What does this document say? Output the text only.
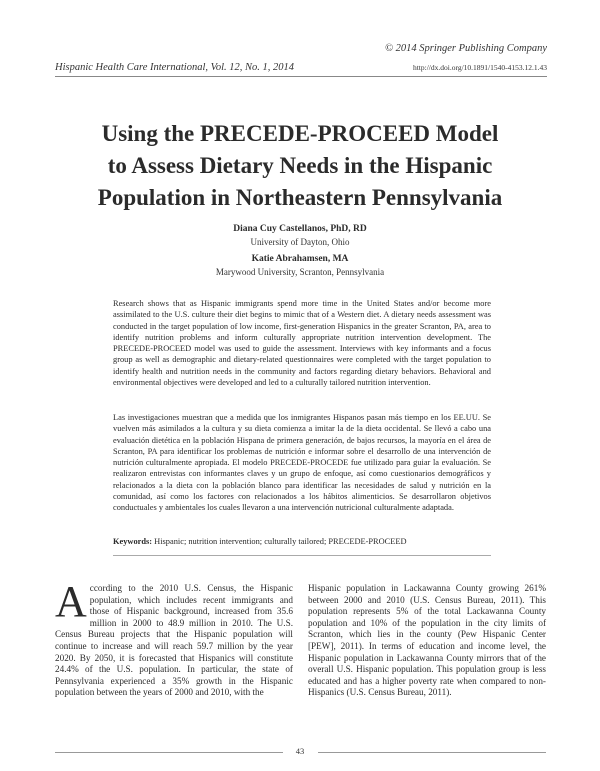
© 2014 Springer Publishing Company
Hispanic Health Care International, Vol. 12, No. 1, 2014	http://dx.doi.org/10.1891/1540-4153.12.1.43
Using the PRECEDE-PROCEED Model
to Assess Dietary Needs in the Hispanic
Population in Northeastern Pennsylvania
Diana Cuy Castellanos, PhD, RD
University of Dayton, Ohio
Katie Abrahamsen, MA
Marywood University, Scranton, Pennsylvania

Research shows that as Hispanic immigrants spend more time in the United States and/or become more assimilated to the U.S. culture their diet begins to mimic that of a Western diet. A dietary needs assessment was conducted in the target population of low income, first-generation Hispanics in the greater Scranton, PA, area to identify nutrition problems and inform culturally appropriate nutrition intervention development. The PRECEDE-PROCEED model was used to guide the assessment. Interviews with key informants and a focus group as well as demographic and dietary-related questionnaires were completed with the target population to identify health and nutrition needs in the community and factors regarding dietary behaviors. Behavioral and environmental objectives were developed and led to a culturally tailored nutrition intervention.

Las investigaciones muestran que a medida que los inmigrantes Hispanos pasan más tiempo en los EE.UU. Se vuelven más asimilados a la cultura y su dieta comienza a imitar la de la dieta occidental. Se llevó a cabo una evaluación dietética en la población Hispana de primera generación, de bajos recursos, la mayoría en el área de Scranton, PA para identificar los problemas de nutrición e informar sobre el desarrollo de una intervención de nutrición culturalmente apropiada. El modelo PRECEDE-PROCEDE fue utilizado para guiar la evaluación. Se realizaron entrevistas con informantes claves y un grupo de enfoque, así como cuestionarios demográficos y relacionados a la dieta con la población blanco para identificar las necesidades de salud y nutrición en la comunidad, así como los factores con relacionados a los hábitos alimenticios. Se desarrollaron objetivos conductuales y ambientales los cuales llevaron a una intervención nutricional culturalmente adaptada.

Keywords: Hispanic; nutrition intervention; culturally tailored; PRECEDE-PROCEED

According to the 2010 U.S. Census, the Hispanic population, which includes recent immigrants and those of Hispanic background, increased from 35.6 million in 2000 to 48.9 million in 2010. The U.S. Census Bureau projects that the Hispanic population will continue to increase and will reach 59.7 million by the year 2020. By 2050, it is forecasted that Hispanics will constitute 24.4% of the U.S. population. In particular, the state of Pennsylvania experienced a 35% growth in the Hispanic population between the years of 2000 and 2010, with the

Hispanic population in Lackawanna County growing 261% between 2000 and 2010 (U.S. Census Bureau, 2011). This population represents 5% of the total Lackawanna County population and 10% of the population in the city limits of Scranton, which lies in the county (Pew Hispanic Center [PEW], 2011). In terms of education and income level, the Hispanic population in Lackawanna County mirrors that of the overall U.S. Hispanic population. This population group is less educated and has a higher poverty rate when compared to non-Hispanics (U.S. Census Bureau, 2011).

43
